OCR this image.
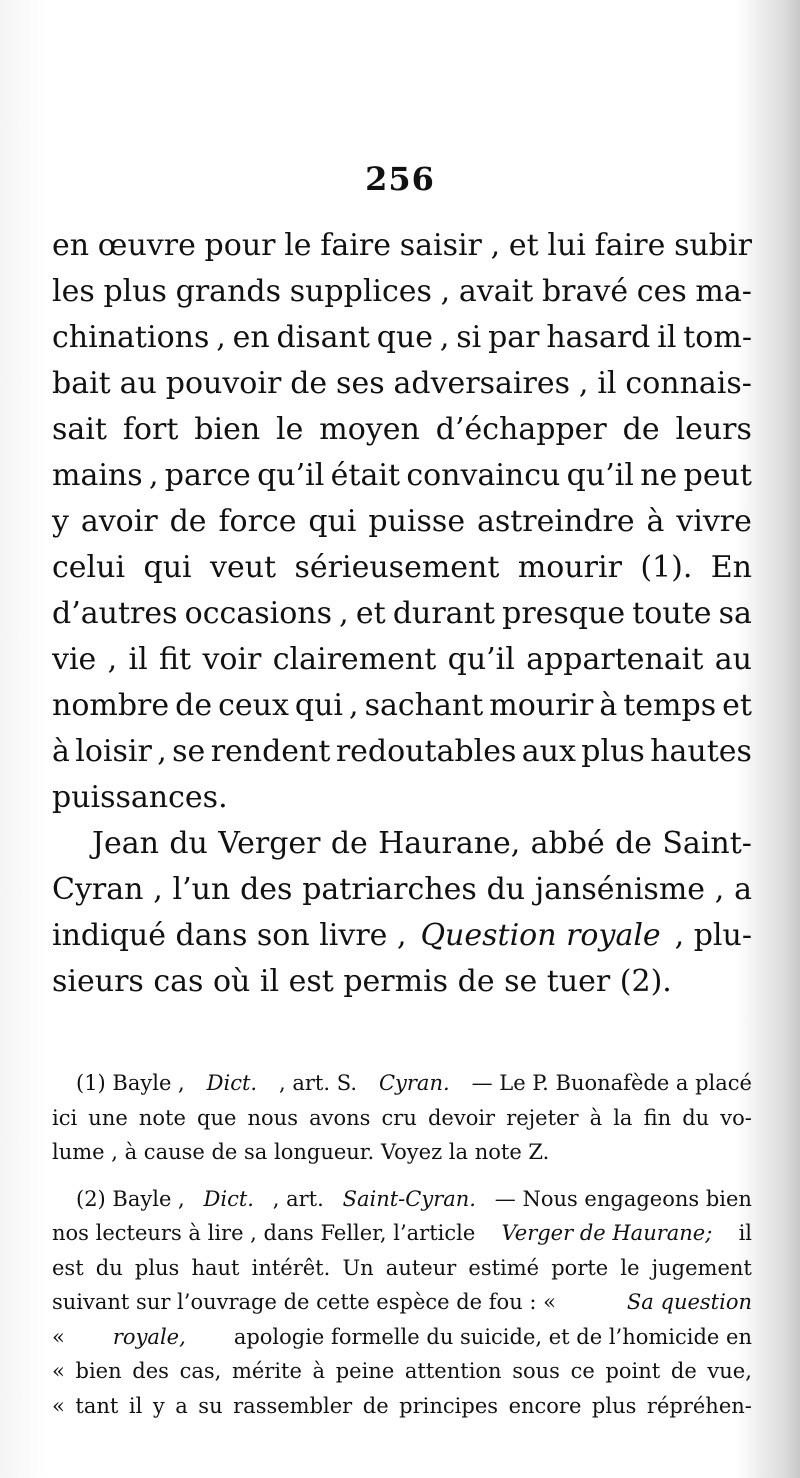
256
en œuvre pour le faire saisir , et lui faire subir
les plus grands supplices , avait bravé ces ma-
chinations , en disant que , si par hasard il tom-
bait au pouvoir de ses adversaires , il connais-
sait fort bien le moyen d’échapper de leurs
mains , parce qu’il était convaincu qu’il ne peut
y avoir de force qui puisse astreindre à vivre
celui qui veut sérieusement mourir (1). En
d’autres occasions , et durant presque toute sa
vie , il fit voir clairement qu’il appartenait au
nombre de ceux qui , sachant mourir à temps et
à loisir , se rendent redoutables aux plus hautes
puissances.
Jean du Verger de Haurane, abbé de Saint-
Cyran , l’un des patriarches du jansénisme , a
indiqué dans son livre , Question royale , plu-
sieurs cas où il est permis de se tuer (2).
(1) Bayle , Dict. , art. S. Cyran. — Le P. Buonafède a placé
ici une note que nous avons cru devoir rejeter à la fin du vo-
lume , à cause de sa longueur. Voyez la note Z.
(2) Bayle , Dict. , art. Saint-Cyran. — Nous engageons bien
nos lecteurs à lire , dans Feller, l’article Verger de Haurane; il
est du plus haut intérêt. Un auteur estimé porte le jugement
suivant sur l’ouvrage de cette espèce de fou : «	Sa question
« royale, apologie formelle du suicide, et de l’homicide en
« bien des cas, mérite à peine attention sous ce point de vue,
« tant il y a su rassembler de principes encore plus répréhen-
